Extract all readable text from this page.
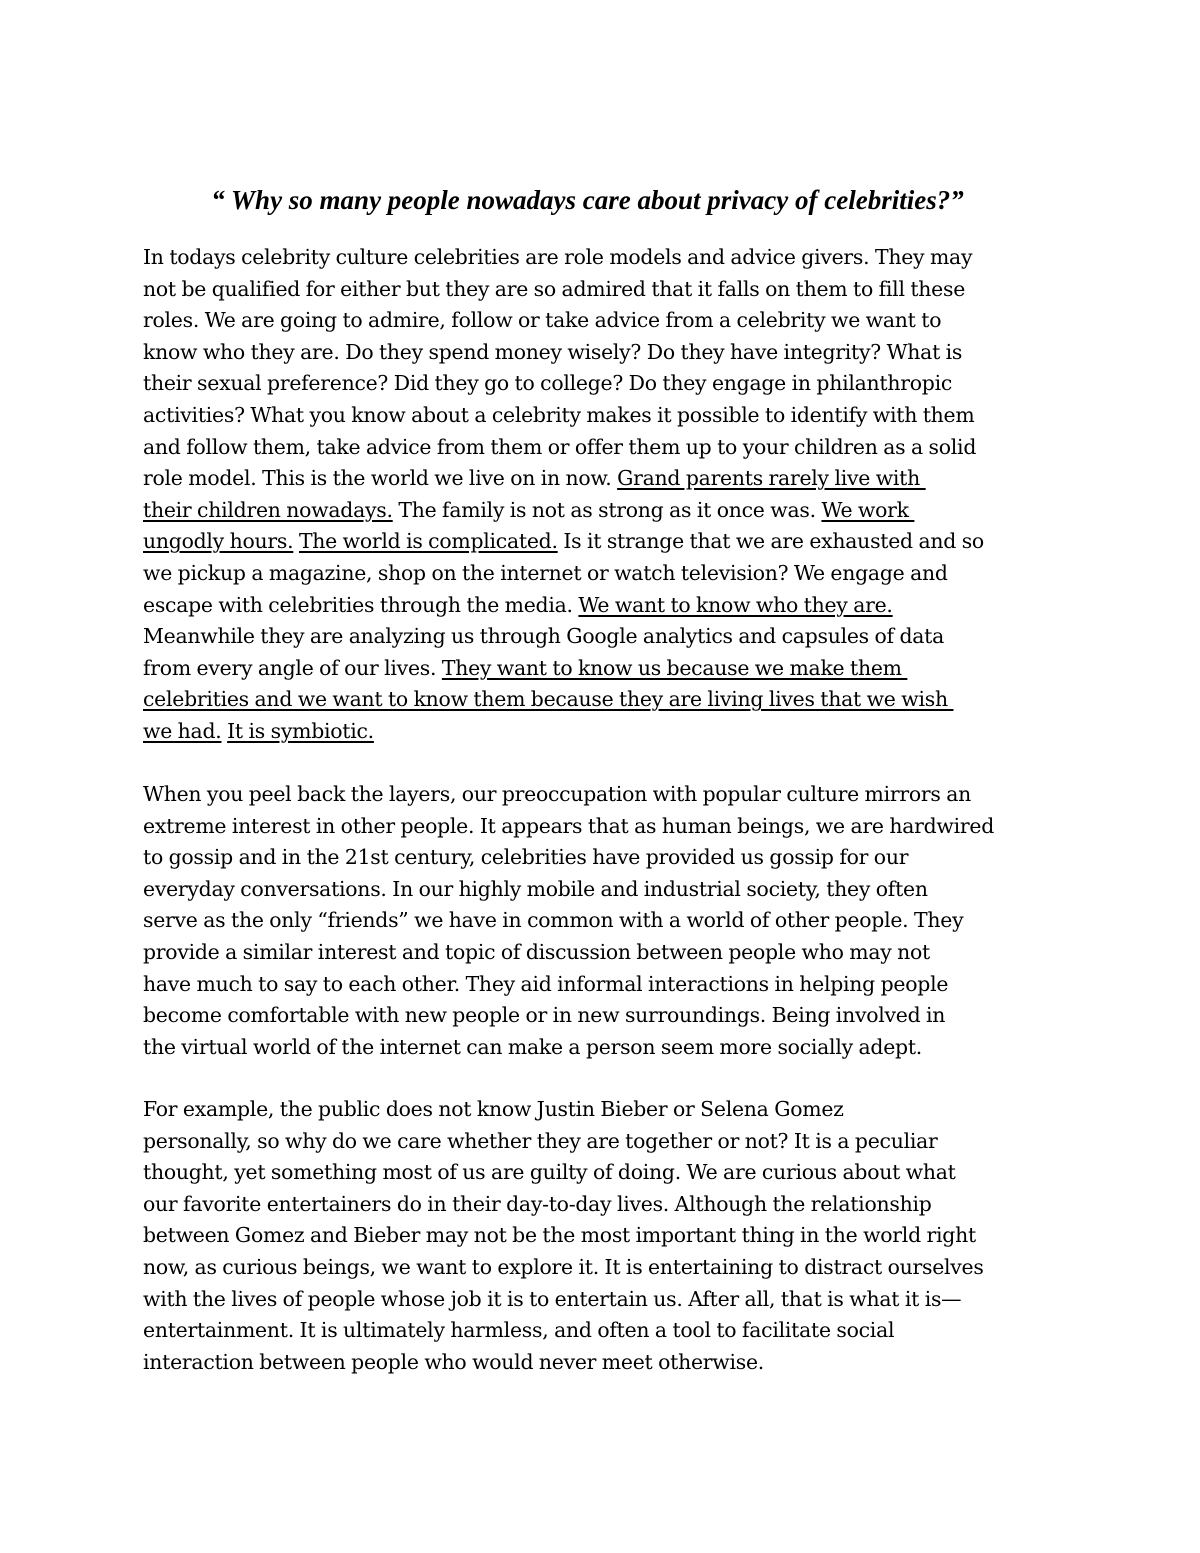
“ Why so many people nowadays care about privacy of celebrities?”
In todays celebrity culture celebrities are role models and advice givers. They may
not be qualified for either but they are so admired that it falls on them to fill these
roles. We are going to admire, follow or take advice from a celebrity we want to
know who they are. Do they spend money wisely? Do they have integrity? What is
their sexual preference? Did they go to college? Do they engage in philanthropic
activities? What you know about a celebrity makes it possible to identify with them
and follow them, take advice from them or offer them up to your children as a solid
role model. This is the world we live on in now. Grand parents rarely live with
their children nowadays. The family is not as strong as it once was. We work
ungodly hours. The world is complicated. Is it strange that we are exhausted and so
we pickup a magazine, shop on the internet or watch television? We engage and
escape with celebrities through the media. We want to know who they are.
Meanwhile they are analyzing us through Google analytics and capsules of data
from every angle of our lives. They want to know us because we make them
celebrities and we want to know them because they are living lives that we wish
we had. It is symbiotic.
When you peel back the layers, our preoccupation with popular culture mirrors an
extreme interest in other people. It appears that as human beings, we are hardwired
to gossip and in the 21st century, celebrities have provided us gossip for our
everyday conversations. In our highly mobile and industrial society, they often
serve as the only “friends” we have in common with a world of other people. They
provide a similar interest and topic of discussion between people who may not
have much to say to each other. They aid informal interactions in helping people
become comfortable with new people or in new surroundings. Being involved in
the virtual world of the internet can make a person seem more socially adept.
For example, the public does not know Justin Bieber or Selena Gomez
personally, so why do we care whether they are together or not? It is a peculiar
thought, yet something most of us are guilty of doing. We are curious about what
our favorite entertainers do in their day-to-day lives. Although the relationship
between Gomez and Bieber may not be the most important thing in the world right
now, as curious beings, we want to explore it. It is entertaining to distract ourselves
with the lives of people whose job it is to entertain us. After all, that is what it is—
entertainment. It is ultimately harmless, and often a tool to facilitate social
interaction between people who would never meet otherwise.
